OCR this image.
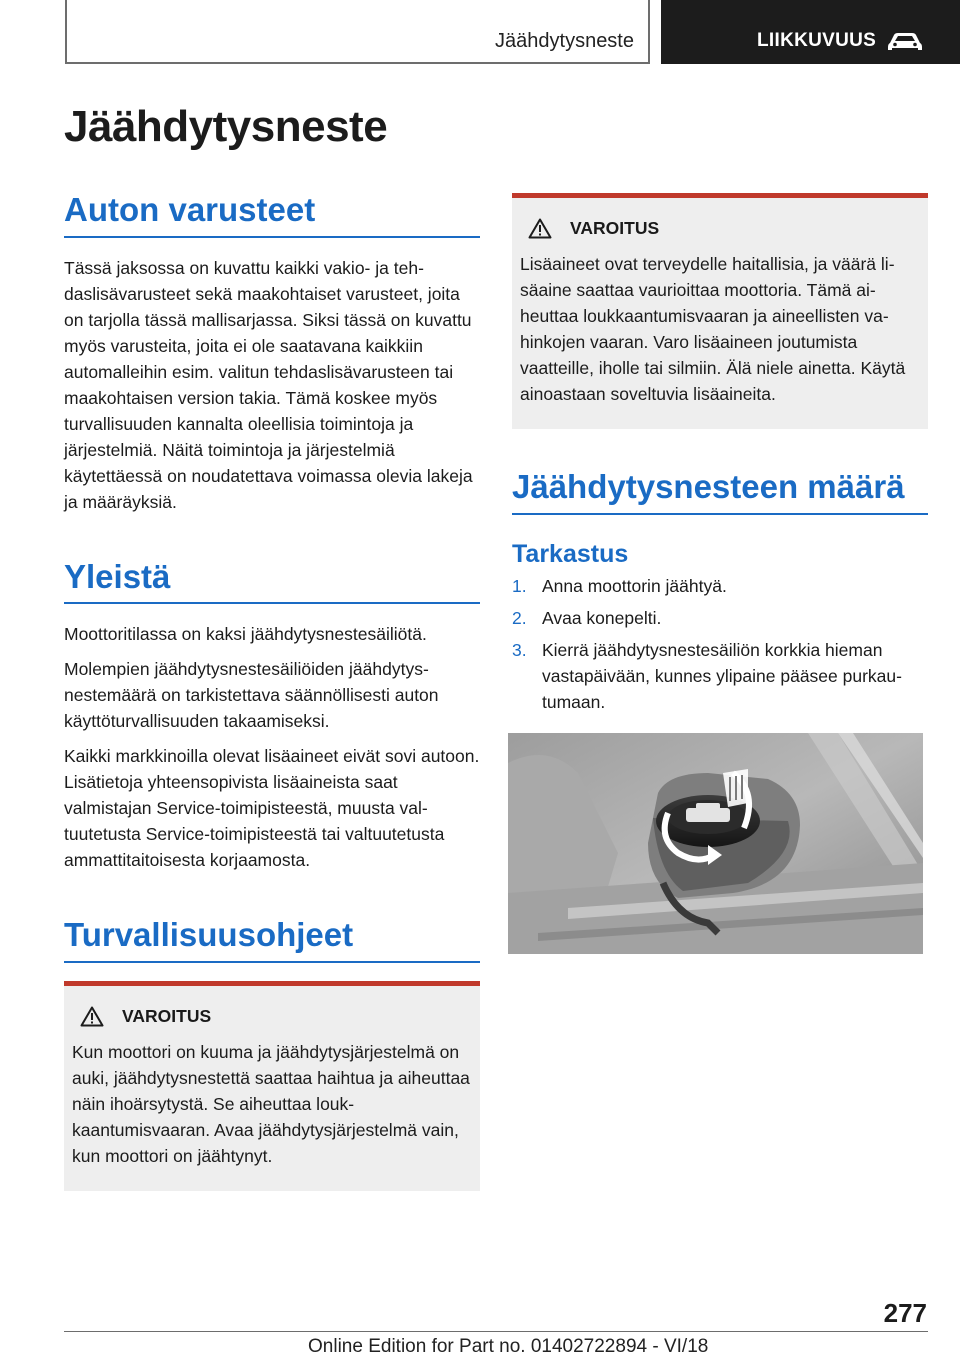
Jäähdytysneste	LIIKKUVUUS
Jäähdytysneste
Auton varusteet

Tässä jaksossa on kuvattu kaikki vakio- ja tehdaslisävarusteet sekä maakohtaiset varusteet, joita on tarjolla tässä mallisarjassa. Siksi tässä on kuvattu myös varusteita, joita ei ole saatavana kaikkiin automalleihin esim. valitun tehdaslisävarusteen tai maakohtaisen version takia. Tämä koskee myös turvallisuuden kannalta oleellisia toimintoja ja järjestelmiä. Näitä toimintoja ja järjestelmiä käytettäessä on noudatettava voimassa olevia lakeja ja määräyksiä.

Yleistä

Moottoritilassa on kaksi jäähdytysnestesäiliötä.

Molempien jäähdytysnestesäiliöiden jäähdytysnestemäärä on tarkistettava säännöllisesti auton käyttöturvallisuuden takaamiseksi.

Kaikki markkinoilla olevat lisäaineet eivät sovi autoon. Lisätietoja yhteensopivista lisäaineista saat valmistajan Service-toimipisteestä, muusta valtuutetusta Service-toimipisteestä tai valtuutetusta ammattitaitoisesta korjaamosta.

Turvallisuusohjeet
VAROITUS

Kun moottori on kuuma ja jäähdytysjärjestelmä on auki, jäähdytysnestettä saattaa haihtua ja aiheuttaa näin ihoärsytystä. Se aiheuttaa loukkaantumisvaaran. Avaa jäähdytysjärjestelmä vain, kun moottori on jäähtynyt.

VAROITUS

Lisäaineet ovat terveydelle haitallisia, ja väärä lisäaine saattaa vaurioittaa moottoria. Tämä aiheuttaa loukkaantumisvaaran ja aineellisten vahinkojen vaaran. Varo lisäaineen joutumista vaatteille, iholle tai silmiin. Älä niele ainetta. Käytä ainoastaan soveltuvia lisäaineita.

Jäähdytysnesteen määrä
Tarkastus
1. Anna moottorin jäähtyä.
2. Avaa konepelti.
3. Kierrä jäähdytysnestesäiliön korkkia hieman vastapäivään, kunnes ylipaine pääsee purkautumaan.
277
Online Edition for Part no. 01402722894 - VI/18
